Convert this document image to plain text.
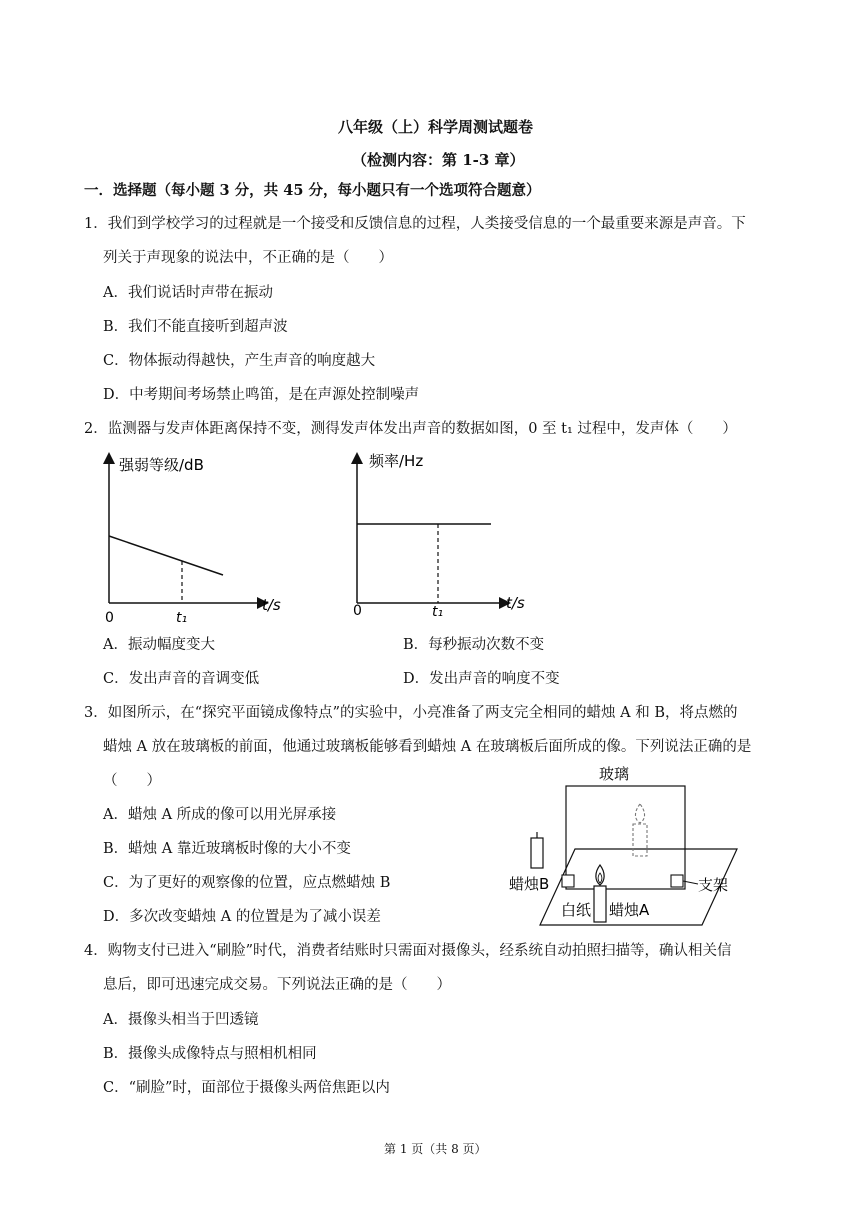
八年级（上）科学周测试题卷
（检测内容：第 1-3 章）
一．选择题（每小题 3 分，共 45 分，每小题只有一个选项符合题意）
1．我们到学校学习的过程就是一个接受和反馈信息的过程，人类接受信息的一个最重要来源是声音。下
列关于声现象的说法中，不正确的是（　　）
A．我们说话时声带在振动
B．我们不能直接听到超声波
C．物体振动得越快，产生声音的响度越大
D．中考期间考场禁止鸣笛，是在声源处控制噪声
2．监测器与发声体距离保持不变，测得发声体发出声音的数据如图，0 至 t₁ 过程中，发声体（　　）
强弱等级/dB
0	t₁
t/s
频率/Hz
0	t₁	t/s
A．振动幅度变大	B．每秒振动次数不变
C．发出声音的音调变低	D．发出声音的响度不变
3．如图所示，在“探究平面镜成像特点”的实验中，小亮准备了两支完全相同的蜡烛 A 和 B，将点燃的
蜡烛 A 放在玻璃板的前面，他通过玻璃板能够看到蜡烛 A 在玻璃板后面所成的像。下列说法正确的是
（　　）
A．蜡烛 A 所成的像可以用光屏承接
B．蜡烛 A 靠近玻璃板时像的大小不变
C．为了更好的观察像的位置，应点燃蜡烛 B
D．多次改变蜡烛 A 的位置是为了减小误差
玻璃
蜡烛B	支架
白纸 蜡烛A
4．购物支付已进入“刷脸”时代，消费者结账时只需面对摄像头，经系统自动拍照扫描等，确认相关信
息后，即可迅速完成交易。下列说法正确的是（　　）
A．摄像头相当于凹透镜
B．摄像头成像特点与照相机相同
C．“刷脸”时，面部位于摄像头两倍焦距以内
第 1 页（共 8 页）
